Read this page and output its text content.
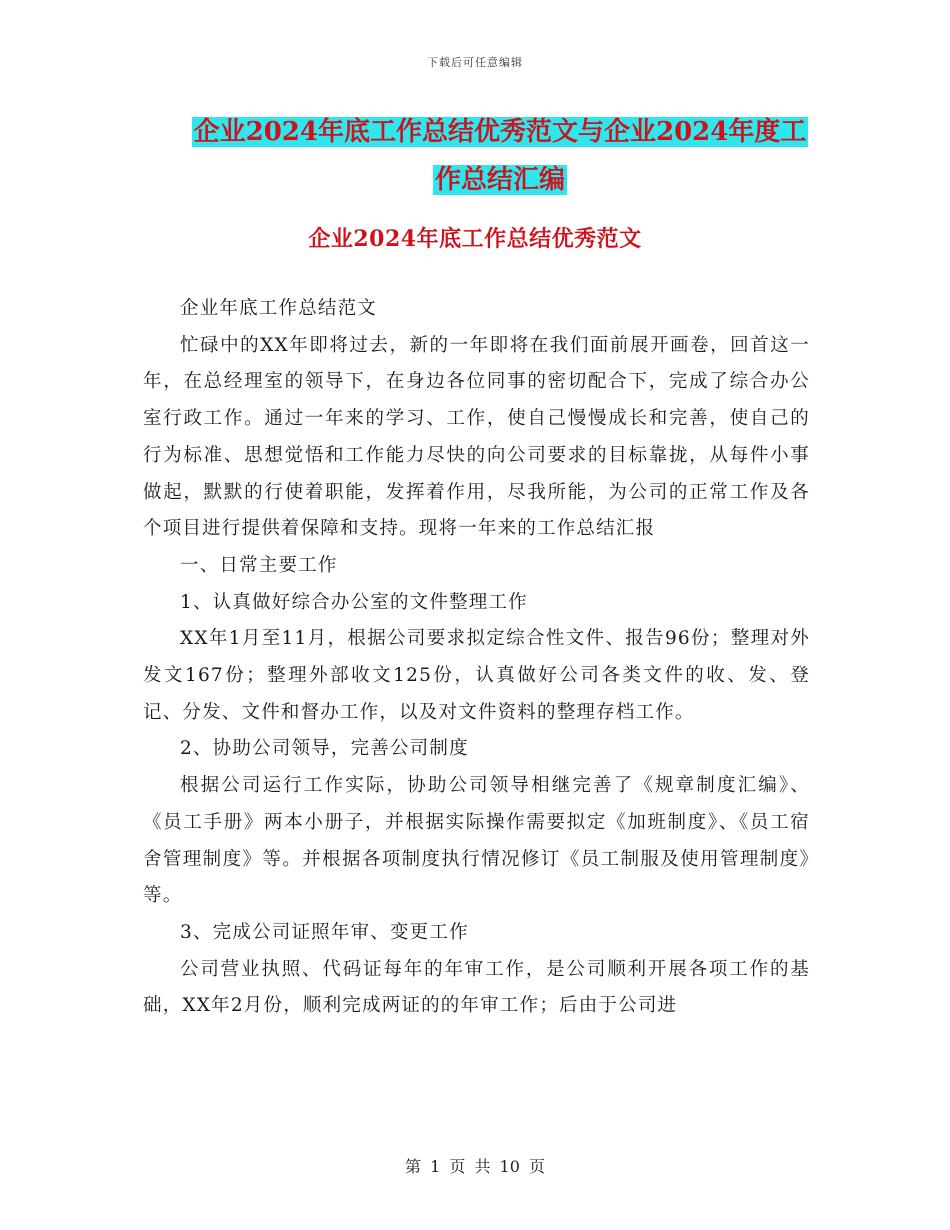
下载后可任意编辑
企业2024年底工作总结优秀范文与企业2024年度工
作总结汇编
企业2024年底工作总结优秀范文

企业年底工作总结范文

忙碌中的XX年即将过去，新的一年即将在我们面前展开画卷，回首这一年，在总经理室的领导下，在身边各位同事的密切配合下，完成了综合办公室行政工作。通过一年来的学习、工作，使自己慢慢成长和完善，使自己的行为标准、思想觉悟和工作能力尽快的向公司要求的目标靠拢，从每件小事做起，默默的行使着职能，发挥着作用，尽我所能，为公司的正常工作及各个项目进行提供着保障和支持。现将一年来的工作总结汇报

一、日常主要工作

1、认真做好综合办公室的文件整理工作

XX年1月至11月，根据公司要求拟定综合性文件、报告96份；整理对外发文167份；整理外部收文125份，认真做好公司各类文件的收、发、登记、分发、文件和督办工作，以及对文件资料的整理存档工作。

2、协助公司领导，完善公司制度

根据公司运行工作实际，协助公司领导相继完善了《规章制度汇编》、《员工手册》两本小册子，并根据实际操作需要拟定《加班制度》、《员工宿舍管理制度》等。并根据各项制度执行情况修订《员工制服及使用管理制度》等。

3、完成公司证照年审、变更工作

公司营业执照、代码证每年的年审工作，是公司顺利开展各项工作的基础，XX年2月份，顺利完成两证的的年审工作；后由于公司进

第 1 页 共 10 页
